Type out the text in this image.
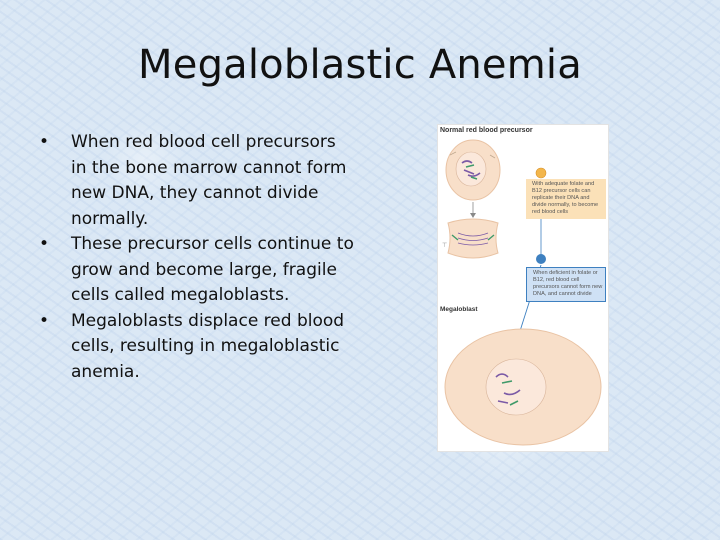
Megaloblastic Anemia
• When red blood cell precursors in the bone marrow cannot form new DNA, they cannot divide normally.
• These precursor cells continue to grow and become large, fragile cells called megaloblasts.
• Megaloblasts displace red blood cells, resulting in megaloblastic anemia.
Normal red blood precursor
⊤
With adequate folate and B12 precursor cells can replicate their DNA and divide normally, to become red blood cells
When deficient in folate or B12, red blood cell precursors cannot form new DNA, and cannot divide
Megaloblast
